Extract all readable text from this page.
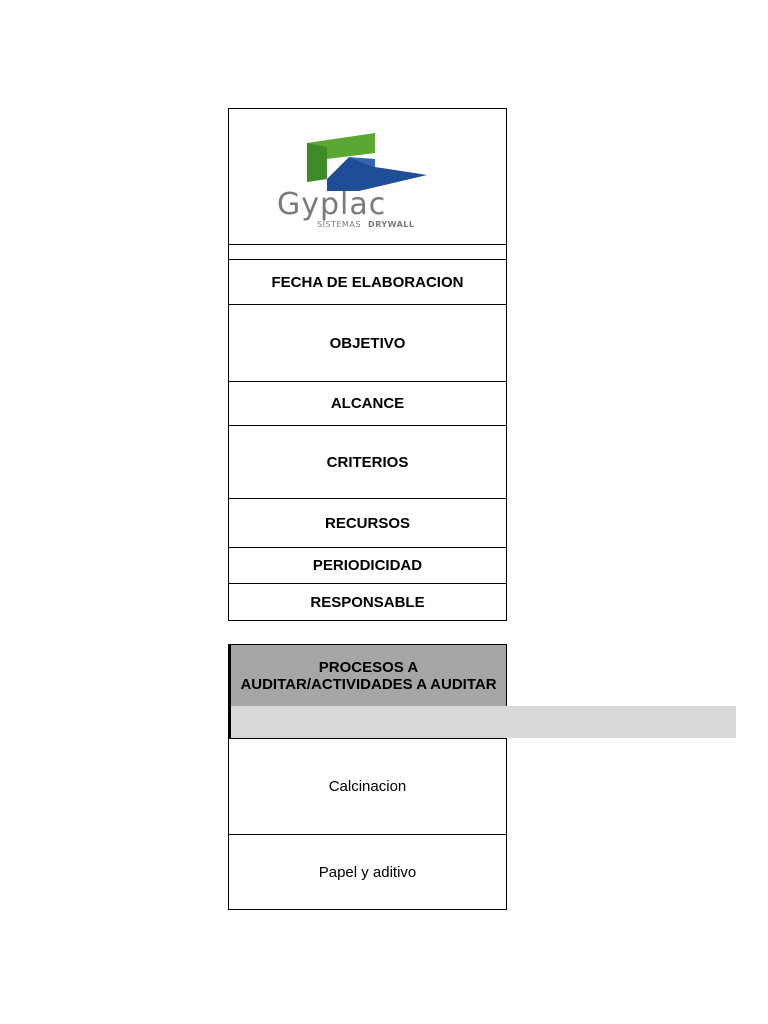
Gyplac
SISTEMAS DRYWALL
FECHA DE ELABORACION
OBJETIVO
ALCANCE
CRITERIOS
RECURSOS
PERIODICIDAD
RESPONSABLE
PROCESOS A
AUDITAR/ACTIVIDADES A AUDITAR
Calcinacion
Papel y aditivo
